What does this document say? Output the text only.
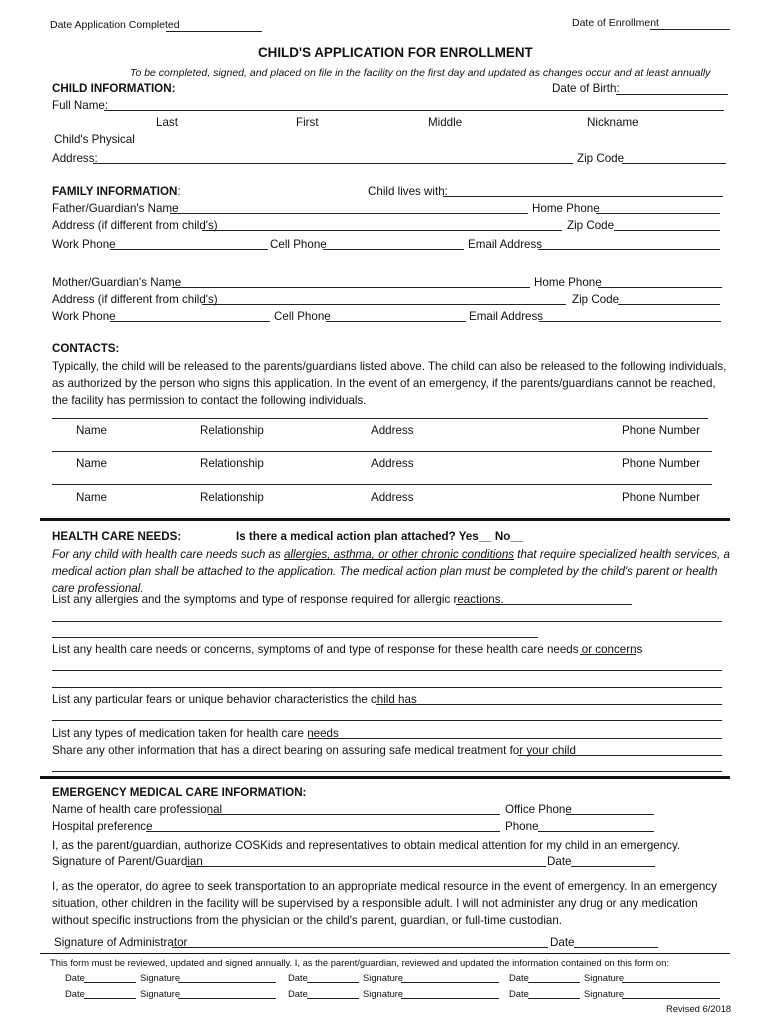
Date Application Completed	Date of Enrollment
CHILD'S APPLICATION FOR ENROLLMENT
To be completed, signed, and placed on file in the facility on the first day and updated as changes occur and at least annually
CHILD INFORMATION:	Date of Birth:
Full Name:
Last	First	Middle	Nickname
Child's Physical
Address:	Zip Code
FAMILY INFORMATION:	Child lives with:
Father/Guardian's Name	Home Phone
Address (if different from child's)	Zip Code
Work Phone	Cell Phone	Email Address
Mother/Guardian's Name	Home Phone
Address (if different from child's)	Zip Code
Work Phone	Cell Phone	Email Address
CONTACTS:
Typically, the child will be released to the parents/guardians listed above. The child can also be released to the following individuals, as authorized by the person who signs this application. In the event of an emergency, if the parents/guardians cannot be reached, the facility has permission to contact the following individuals.
Name	Relationship	Address	Phone Number
Name	Relationship	Address	Phone Number
Name	Relationship	Address	Phone Number
HEALTH CARE NEEDS:	Is there a medical action plan attached? Yes__ No__
For any child with health care needs such as allergies, asthma, or other chronic conditions that require specialized health services, a medical action plan shall be attached to the application. The medical action plan must be completed by the child's parent or health care professional.
List any allergies and the symptoms and type of response required for allergic reactions.
List any health care needs or concerns, symptoms of and type of response for these health care needs or concerns
List any particular fears or unique behavior characteristics the child has
List any types of medication taken for health care needs
Share any other information that has a direct bearing on assuring safe medical treatment for your child
EMERGENCY MEDICAL CARE INFORMATION:
Name of health care professional	Office Phone
Hospital preference	Phone
I, as the parent/guardian, authorize COSKids and representatives to obtain medical attention for my child in an emergency.
Signature of Parent/Guardian	Date
I, as the operator, do agree to seek transportation to an appropriate medical resource in the event of emergency. In an emergency situation, other children in the facility will be supervised by a responsible adult. I will not administer any drug or any medication without specific instructions from the physician or the child's parent, guardian, or full-time custodian.
Signature of Administrator	Date
This form must be reviewed, updated and signed annually. I, as the parent/guardian, reviewed and updated the information contained on this form on:
Date	Signature	Date	Signature	Date	Signature
Date	Signature	Date	Signature	Date	Signature
Revised 6/2018
